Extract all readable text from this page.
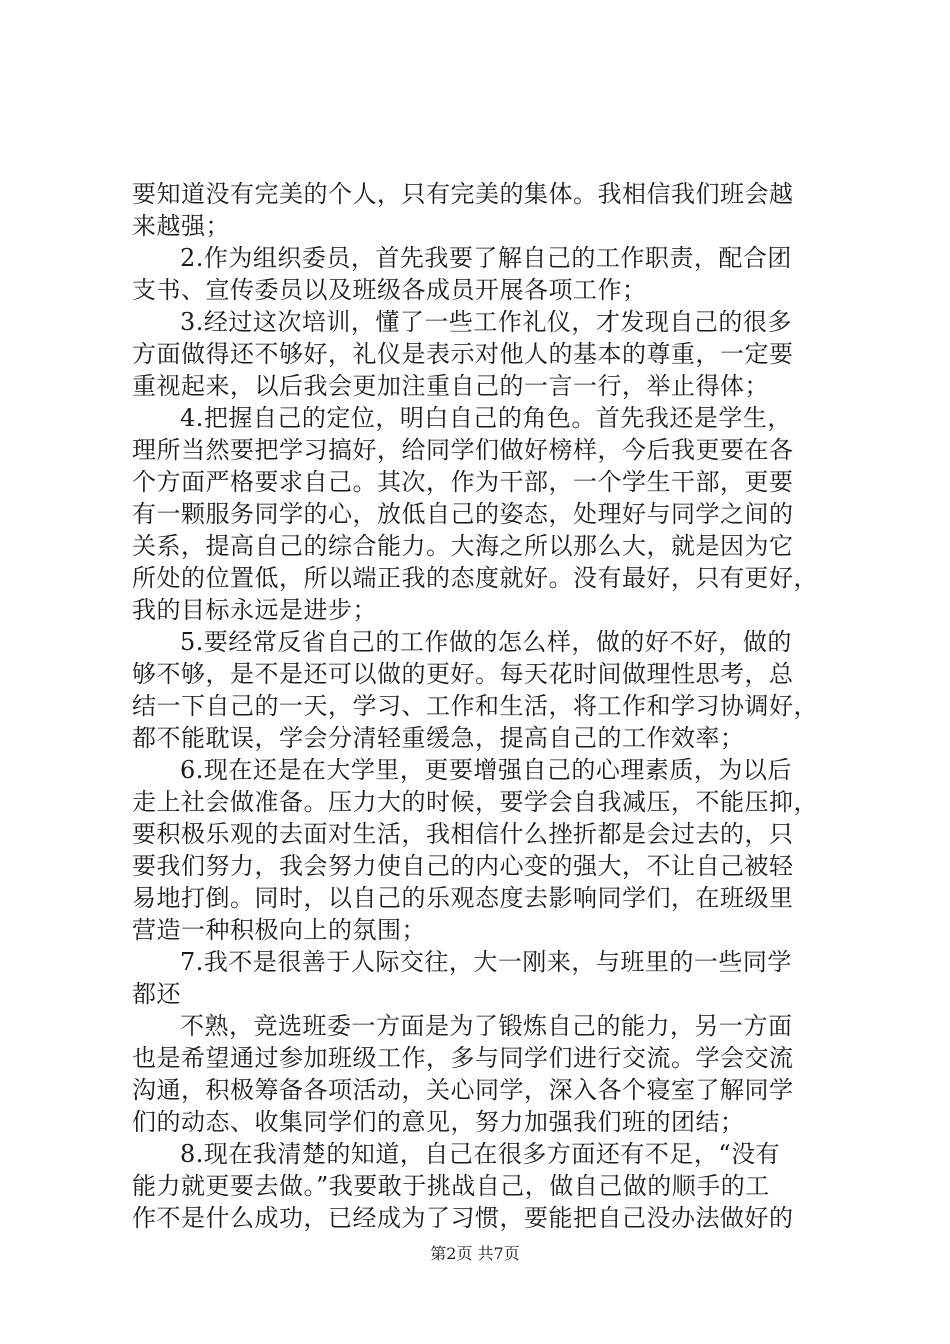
要知道没有完美的个人，只有完美的集体。我相信我们班会越
来越强；
2.作为组织委员，首先我要了解自己的工作职责，配合团
支书、宣传委员以及班级各成员开展各项工作；
3.经过这次培训，懂了一些工作礼仪，才发现自己的很多
方面做得还不够好，礼仪是表示对他人的基本的尊重，一定要
重视起来，以后我会更加注重自己的一言一行，举止得体；
4.把握自己的定位，明白自己的角色。首先我还是学生，
理所当然要把学习搞好，给同学们做好榜样，今后我更要在各
个方面严格要求自己。其次，作为干部，一个学生干部，更要
有一颗服务同学的心，放低自己的姿态，处理好与同学之间的
关系，提高自己的综合能力。大海之所以那么大，就是因为它
所处的位置低，所以端正我的态度就好。没有最好，只有更好，
我的目标永远是进步；
5.要经常反省自己的工作做的怎么样，做的好不好，做的
够不够，是不是还可以做的更好。每天花时间做理性思考，总
结一下自己的一天，学习、工作和生活，将工作和学习协调好，
都不能耽误，学会分清轻重缓急，提高自己的工作效率；
6.现在还是在大学里，更要增强自己的心理素质，为以后
走上社会做准备。压力大的时候，要学会自我减压，不能压抑，
要积极乐观的去面对生活，我相信什么挫折都是会过去的，只
要我们努力，我会努力使自己的内心变的强大，不让自己被轻
易地打倒。同时，以自己的乐观态度去影响同学们，在班级里
营造一种积极向上的氛围；
7.我不是很善于人际交往，大一刚来，与班里的一些同学
都还
不熟，竞选班委一方面是为了锻炼自己的能力，另一方面
也是希望通过参加班级工作，多与同学们进行交流。学会交流
沟通，积极筹备各项活动，关心同学，深入各个寝室了解同学
们的动态、收集同学们的意见，努力加强我们班的团结；
8.现在我清楚的知道，自己在很多方面还有不足，“没有
能力就更要去做。”我要敢于挑战自己，做自己做的顺手的工
作不是什么成功，已经成为了习惯，要能把自己没办法做好的
第2页 共7页
